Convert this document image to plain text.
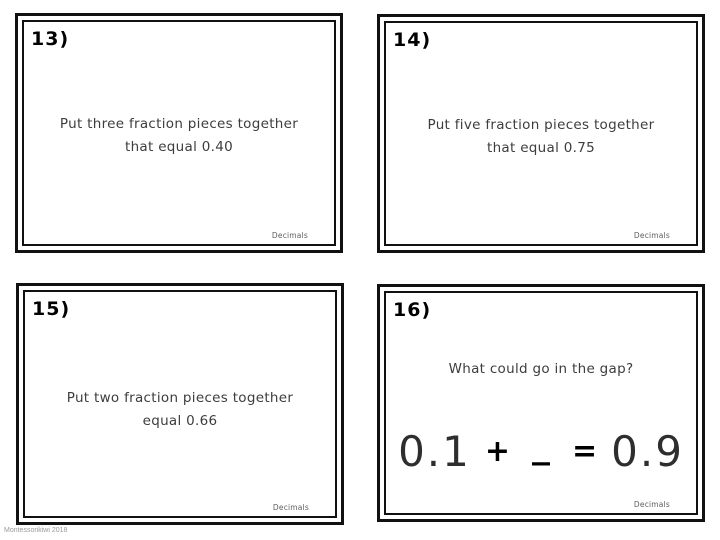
13)
Put three fraction pieces together
that equal 0.40
Decimals
14)
Put five fraction pieces together
that equal 0.75
Decimals
15)
Put two fraction pieces together
equal 0.66
Decimals
16)
What could go in the gap?
0.1 + _ = 0.9
Decimals
Montessorikiwi 2018
